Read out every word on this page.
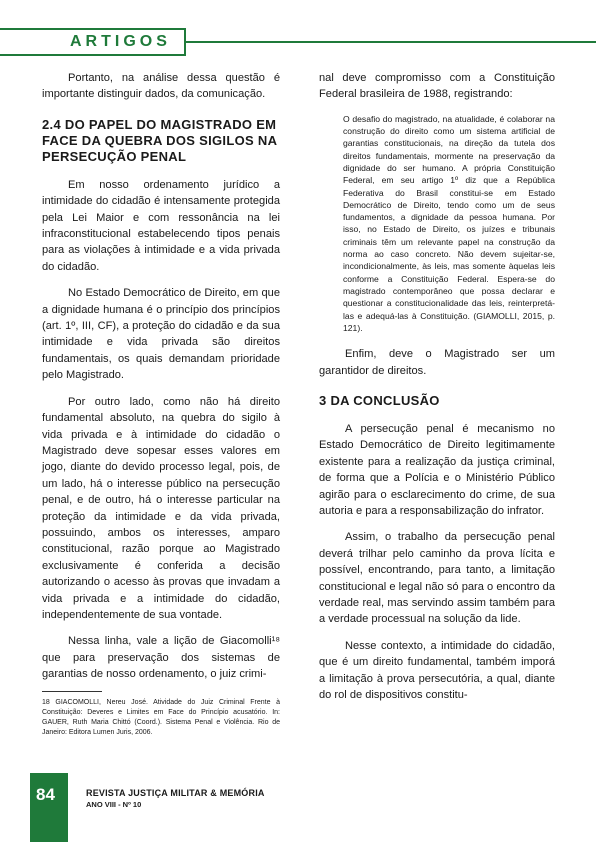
ARTIGOS

Portanto, na análise dessa questão é importante distinguir dados, da comunicação.

2.4 DO PAPEL DO MAGISTRADO EM FACE DA QUEBRA DOS SIGILOS NA PERSECUÇÃO PENAL

Em nosso ordenamento jurídico a intimidade do cidadão é intensamente protegida pela Lei Maior e com ressonância na lei infraconstitucional estabelecendo tipos penais para as violações à intimidade e a vida privada do cidadão.

No Estado Democrático de Direito, em que a dignidade humana é o princípio dos princípios (art. 1º, III, CF), a proteção do cidadão e da sua intimidade e vida privada são direitos fundamentais, os quais demandam prioridade pelo Magistrado.

Por outro lado, como não há direito fundamental absoluto, na quebra do sigilo à vida privada e à intimidade do cidadão o Magistrado deve sopesar esses valores em jogo, diante do devido processo legal, pois, de um lado, há o interesse público na persecução penal, e de outro, há o interesse particular na proteção da intimidade e da vida privada, possuindo, ambos os interesses, amparo constitucional, razão porque ao Magistrado exclusivamente é conferida a decisão autorizando o acesso às provas que invadam a vida privada e a intimidade do cidadão, independentemente de sua vontade.

Nessa linha, vale a lição de Giacomolli¹⁸ que para preservação dos sistemas de garantias de nosso ordenamento, o juiz crimi-

nal deve compromisso com a Constituição Federal brasileira de 1988, registrando:

O desafio do magistrado, na atualidade, é colaborar na construção do direito como um sistema artificial de garantias constitucionais, na direção da tutela dos direitos fundamentais, mormente na preservação da dignidade do ser humano. A própria Constituição Federal, em seu artigo 1º diz que a República Federativa do Brasil constitui-se em Estado Democrático de Direito, tendo como um de seus fundamentos, a dignidade da pessoa humana. Por isso, no Estado de Direito, os juízes e tribunais criminais têm um relevante papel na construção da norma ao caso concreto. Não devem sujeitar-se, incondicionalmente, às leis, mas somente àquelas leis conforme a Constituição Federal. Espera-se do magistrado contemporâneo que possa declarar e questionar a constitucionalidade das leis, reinterpretá-las e adequá-las à Constituição. (GIAMOLLI, 2015, p. 121).

Enfim, deve o Magistrado ser um garantidor de direitos.

3 DA CONCLUSÃO

A persecução penal é mecanismo no Estado Democrático de Direito legitimamente existente para a realização da justiça criminal, de forma que a Polícia e o Ministério Público agirão para o esclarecimento do crime, de sua autoria e para a responsabilização do infrator.

Assim, o trabalho da persecução penal deverá trilhar pelo caminho da prova lícita e possível, encontrando, para tanto, a limitação constitucional e legal não só para o encontro da verdade real, mas servindo assim também para a verdade processual na solução da lide.

Nesse contexto, a intimidade do cidadão, que é um direito fundamental, também imporá a limitação à prova persecutória, a qual, diante do rol de dispositivos constitu-

18 GIACOMOLLI, Nereu José. Atividade do Juiz Criminal Frente à Constituição: Deveres e Limites em Face do Princípio acusatório. In: GAUER, Ruth Maria Chittó (Coord.). Sistema Penal e Violência. Rio de Janeiro: Editora Lumen Juris, 2006.
84	REVISTA JUSTIÇA MILITAR & MEMÓRIA
ANO VIII - Nº 10
